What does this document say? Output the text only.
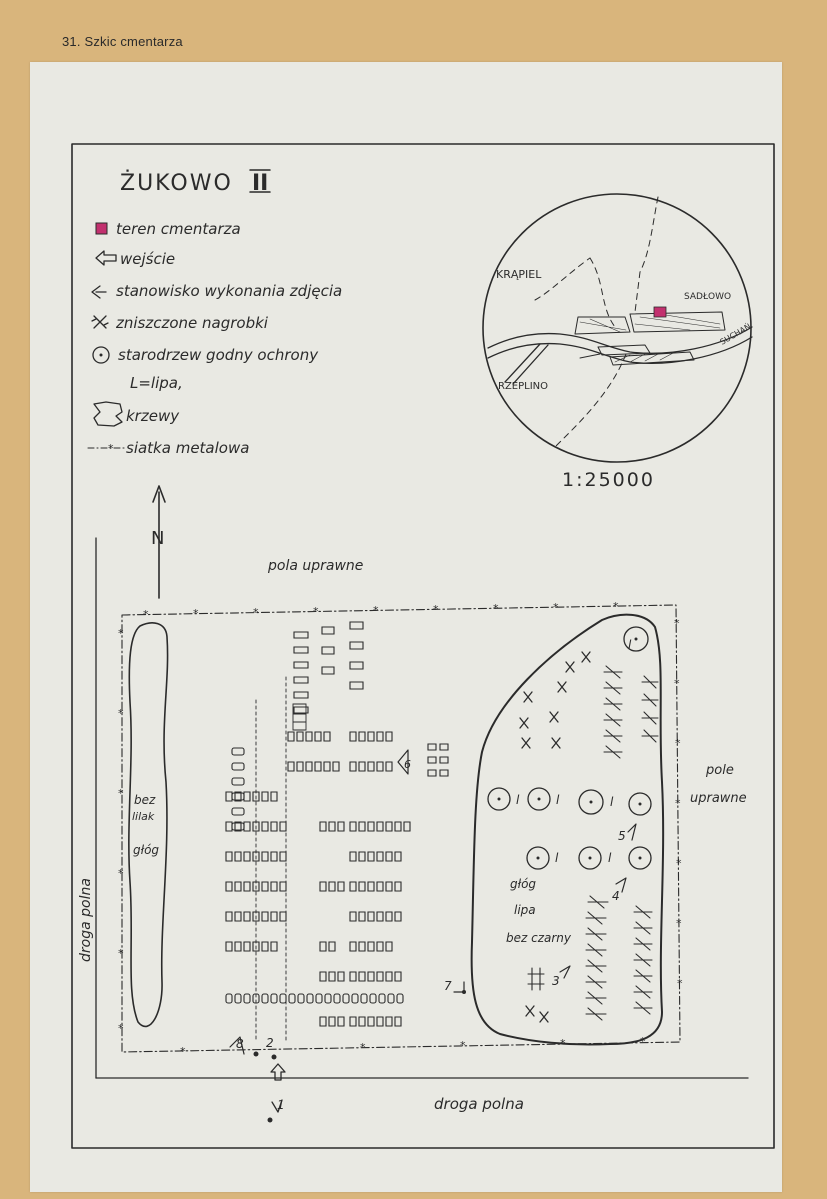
31. Szkic cmentarza
ŻUKOWO II
teren cmentarza
wejście
stanowisko wykonania zdjęcia
zniszczone nagrobki
starodrzew godny ochrony
L=lipa,
krzewy
* siatka metalowa
KRĄPIEL
SADŁOWO
RZEPLINO
SUCHAŃ
1:25000
N
pola uprawne
droga polna
droga polna
*	*	*	*	*	*	*	*	*
*
*
*
*
*
*
*
*
*
*
*
*
*
*	*	*	*	*
pole
uprawne
bez
lilak
głóg
głóg
lipa
bez czarny
l
l	l	l
l	l
1
2
3
4
5
6
7
8
